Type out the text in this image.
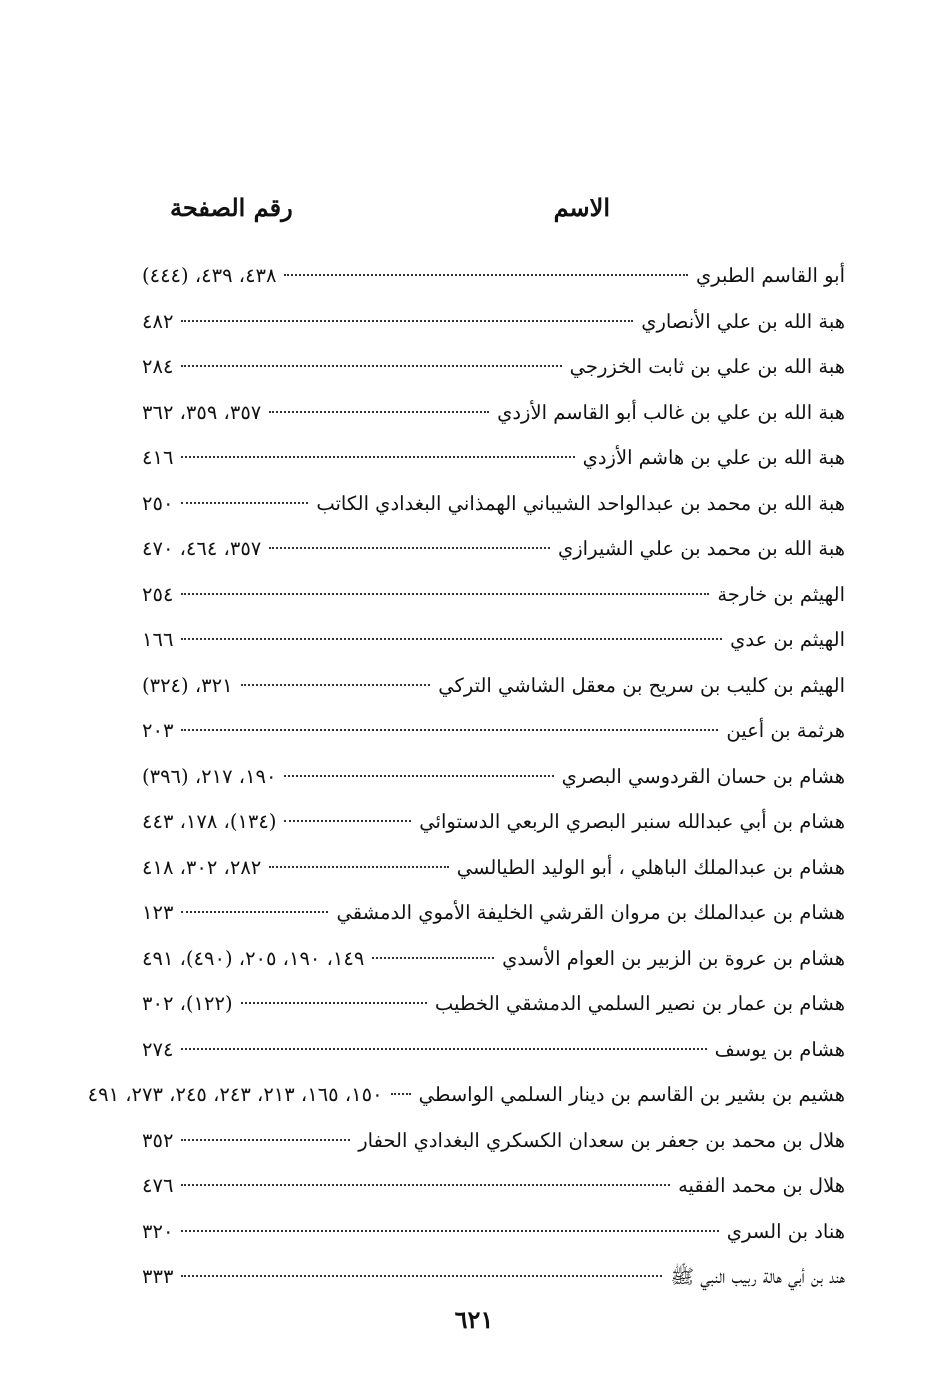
الاسم
رقم الصفحة
أبو القاسم الطبري
٤٣٨، ٤٣٩، (٤٤٤)
هبة الله بن علي الأنصاري
٤٨٢
هبة الله بن علي بن ثابت الخزرجي
٢٨٤
هبة الله بن علي بن غالب أبو القاسم الأزدي
٣٥٧، ٣٥٩، ٣٦٢
هبة الله بن علي بن هاشم الأزدي
٤١٦
هبة الله بن محمد بن عبدالواحد الشيباني الهمذاني البغدادي الكاتب
٢٥٠
هبة الله بن محمد بن علي الشيرازي
٣٥٧، ٤٦٤، ٤٧٠
الهيثم بن خارجة
٢٥٤
الهيثم بن عدي
١٦٦
الهيثم بن كليب بن سريح بن معقل الشاشي التركي
٣٢١، (٣٢٤)
هرثمة بن أعين
٢٠٣
هشام بن حسان القردوسي البصري
١٩٠، ٢١٧، (٣٩٦)
هشام بن أبي عبدالله سنبر البصري الربعي الدستوائي
(١٣٤)، ١٧٨، ٤٤٣
هشام بن عبدالملك الباهلي ، أبو الوليد الطيالسي
٢٨٢، ٣٠٢، ٤١٨
هشام بن عبدالملك بن مروان القرشي الخليفة الأموي الدمشقي
١٢٣
هشام بن عروة بن الزبير بن العوام الأسدي
١٤٩، ١٩٠، ٢٠٥، (٤٩٠)، ٤٩١
هشام بن عمار بن نصير السلمي الدمشقي الخطيب
(١٢٢)، ٣٠٢
هشام بن يوسف
٢٧٤
هشيم بن بشير بن القاسم بن دينار السلمي الواسطي
١٥٠، ١٦٥، ٢١٣، ٢٤٣، ٢٤٥، ٢٧٣، ٤٩١
هلال بن محمد بن جعفر بن سعدان الكسكري البغدادي الحفار
٣٥٢
هلال بن محمد الفقيه
٤٧٦
هناد بن السري
٣٢٠
هند بن أبي هالة ربيب النبي ﷺ
٣٣٣
٦٢١
